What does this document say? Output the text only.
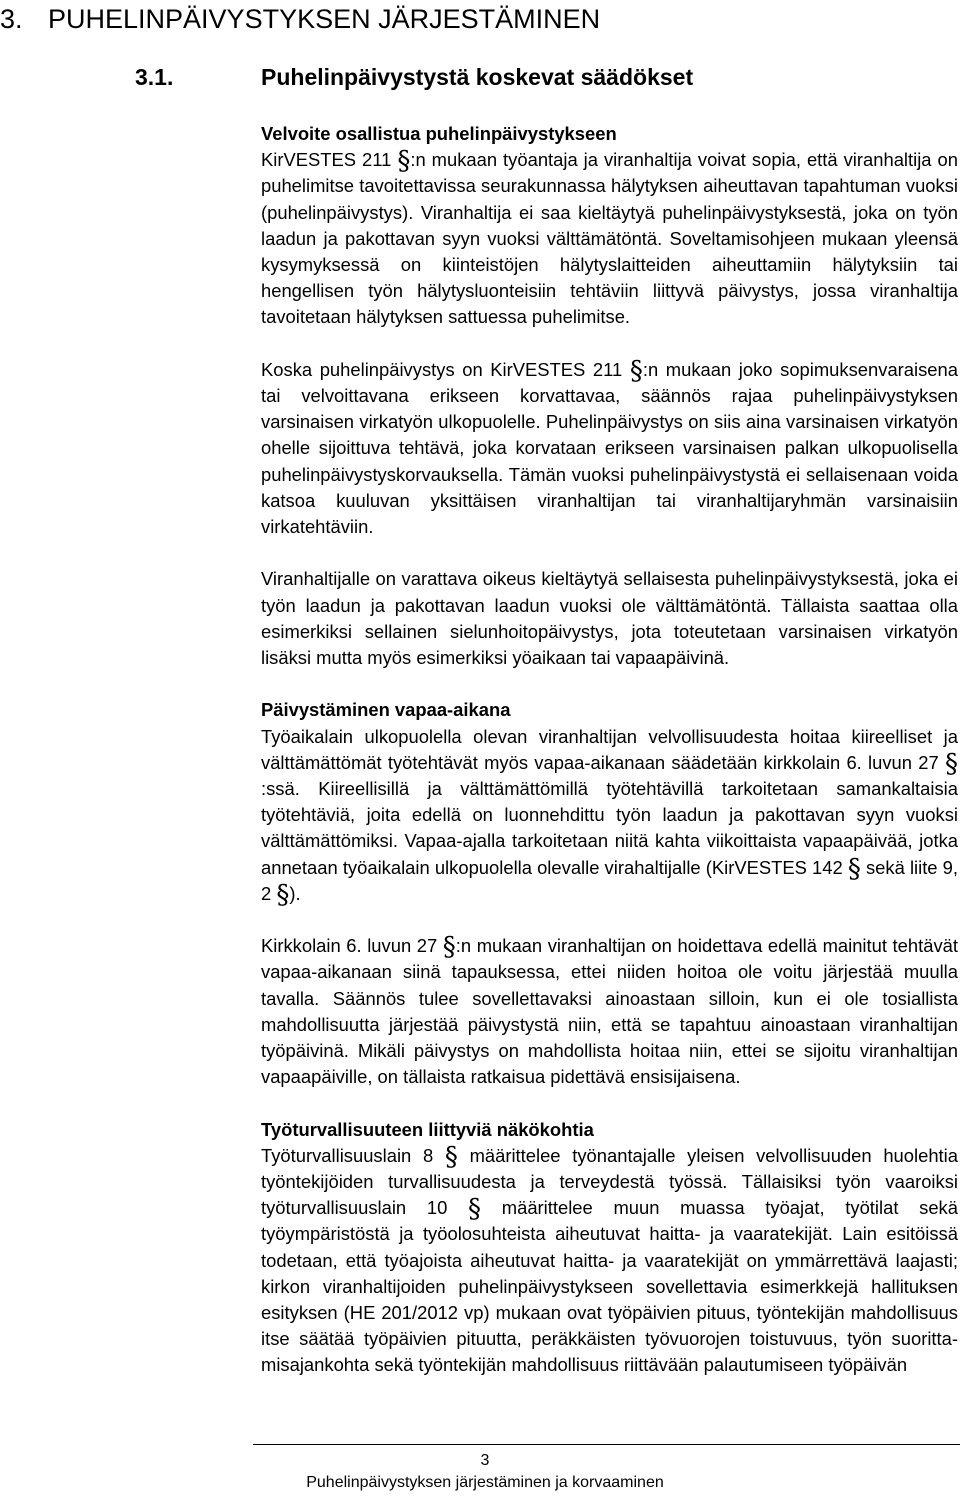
3. PUHELINPÄIVYSTYKSEN JÄRJESTÄMINEN
3.1.	Puhelinpäivystystä koskevat säädökset
Velvoite osallistua puhelinpäivystykseen

KirVESTES 211 §:n mukaan työantaja ja viranhaltija voivat sopia, että viranhaltija on puhelimitse tavoitettavissa seurakunnassa hälytyksen aiheuttavan tapahtuman vuoksi (puhelinpäivystys). Viranhaltija ei saa kieltäytyä puhelinpäivystyksestä, joka on työn laadun ja pakottavan syyn vuoksi välttämätöntä. Soveltamisohjeen mukaan yleensä kysymyksessä on kiinteistöjen hälytyslaitteiden aiheuttamiin hälytyksiin tai hengellisen työn hälytysluonteisiin tehtäviin liittyvä päivystys, jossa viranhaltija tavoitetaan hälytyksen sattuessa puhelimitse.

Koska puhelinpäivystys on KirVESTES 211 §:n mukaan joko sopimuksenvaraisena tai velvoittavana erikseen korvattavaa, säännös rajaa puhelinpäivystyksen varsinaisen virkatyön ulkopuolelle. Puhelinpäivystys on siis aina varsinaisen virkatyön ohelle sijoittuva tehtävä, joka korvataan erikseen varsinaisen palkan ulkopuolisella puhelinpäivystyskorvauksella. Tämän vuoksi puhelinpäivystystä ei sellaisenaan voida katsoa kuuluvan yksittäisen viranhaltijan tai viranhaltijaryhmän varsinaisiin virkatehtäviin.

Viranhaltijalle on varattava oikeus kieltäytyä sellaisesta puhelinpäivystyksestä, joka ei työn laadun ja pakottavan laadun vuoksi ole välttämätöntä. Tällaista saattaa olla esimerkiksi sellainen sielunhoitopäivystys, jota toteutetaan varsinaisen virkatyön lisäksi mutta myös esimerkiksi yöaikaan tai vapaapäivinä.

Päivystäminen vapaa-aikana

Työaikalain ulkopuolella olevan viranhaltijan velvollisuudesta hoitaa kiireelliset ja välttämättömät työtehtävät myös vapaa-aikanaan säädetään kirkkolain 6. luvun 27 §:ssä. Kiireellisillä ja välttämättömillä työtehtävillä tarkoitetaan samankaltaisia työtehtäviä, joita edellä on luonnehdittu työn laadun ja pakottavan syyn vuoksi välttämättömiksi. Vapaa-ajalla tarkoitetaan niitä kahta viikoittaista vapaapäivää, jotka annetaan työaikalain ulkopuolella olevalle virahaltijalle (KirVESTES 142 § sekä liite 9, 2 §).

Kirkkolain 6. luvun 27 §:n mukaan viranhaltijan on hoidettava edellä mainitut tehtävät vapaa-aikanaan siinä tapauksessa, ettei niiden hoitoa ole voitu järjestää muulla tavalla. Säännös tulee sovellettavaksi ainoastaan silloin, kun ei ole tosiallista mahdollisuutta järjestää päivystystä niin, että se tapahtuu ainoastaan viranhaltijan työpäivinä. Mikäli päivystys on mahdollista hoitaa niin, ettei se sijoitu viranhaltijan vapaapäiville, on tällaista ratkaisua pidettävä ensisijaisena.

Työturvallisuuteen liittyviä näkökohtia

Työturvallisuuslain 8 § määrittelee työnantajalle yleisen velvollisuuden huolehtia työntekijöiden turvallisuudesta ja terveydestä työssä. Tällaisiksi työn vaaroiksi työturvallisuuslain 10 § määrittelee muun muassa työajat, työtilat sekä työympäristöstä ja työolosuhteista aiheutuvat haitta- ja vaaratekijät. Lain esitöissä todetaan, että työajoista aiheutuvat haitta- ja vaaratekijät on ymmärrettävä laajasti; kirkon viranhaltijoiden puhelinpäivystykseen sovellettavia esimerkkejä hallituksen esityksen (HE 201/2012 vp) mukaan ovat työpäivien pituus, työntekijän mahdollisuus itse säätää työpäivien pituutta, peräkkäisten työvuorojen toistuvuus, työn suorittamisajankohta sekä työntekijän mahdollisuus riittävään palautumiseen työpäivän

3
Puhelinpäivystyksen järjestäminen ja korvaaminen
